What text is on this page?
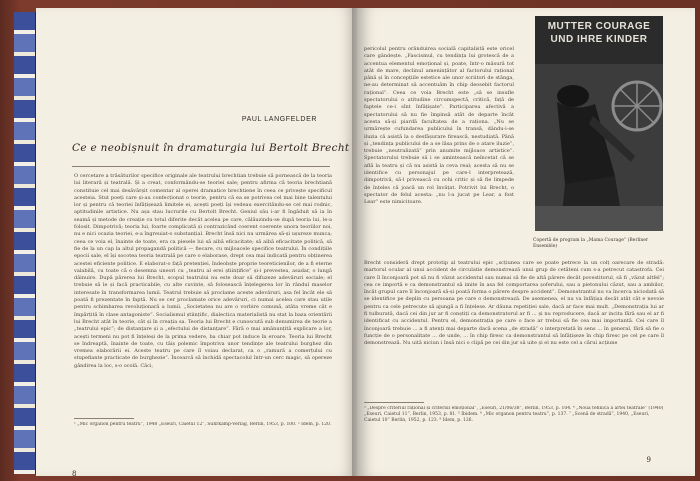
PAUL LANGFELDER
Ce e neobișnuit în dramaturgia lui Bertolt Brecht
O cercetare a trăsăturilor specifice originale ale teatrului brechtian trebuie să pornească de la teoria lui literară și teatrală. Și a creat, conformându-se teoriei sale; pentru afirma că teoria brechtiană constituie cel mai desăvârșit comentar al operei dramatice brechtiene în ceea ce privește specificul acesteia. Stut poeți care și-au confecționat o teorie, pentru că ea se potrivea cel mai bine talentului lor și pentru că teoriei înfățișează limitele ei, acești poeți își vedeau exercitându-se cel mai rodnic, aptitudinile artistice. Nu așa stau lucrurile cu Bertolt Brecht. Geniul său i-ar fi îngăduit să ia în seamă și metode de creație cu totul diferite decât acelea pe care, călăuzindu-se după teoria lui, le-a folosit. Dimpotrivă; teoria lui, foarte complicată și contrazicând coerent coerente unora teoriilor noi, nu e nici ocazia teoriei, e-a îngreuiat-o substanțial. Brecht însă nici nu urmărea să-și ușureze munca; ceea ce voia el, înainte de toate, era ca piesele lui să aibă eficacitate; să aibă eficacitate politică, să fie de la un cap la altul propagandă politică — fiecare, cu mijloacele specifice teatrului. În condițiile epocii sale, el își socotea teoria teatrală pe care o elaborase, drept cea mai indicată pentru obținerea acestei eficiente politice. E elaborat-o față pretenției, îndeobște proprie teoreticienilor, de a fi eterne valabilă, cu toate că o desemna uneori cu „teatru al erei științifice” și-i prevestea, asadar, o lungă dăinuire. După părerea lui Brecht, scopul teatrului nu este doar să difuzeze adevăruri sociale; el trebuie să le și facă practicabile, cu alte cuvinte, să folosească înțelegerea lor în rândul maselor interesate în transformarea lumii. Teatrul trebuie să proclame aceste adevăruri, asa fel încât ele să poată fi prezentate în faptă. Nu se cer proclamate orice adevăruri, ci numai acelea care stau utile pentru schimbarea revoluționară a lumii. „Societatea nu are o vorbire comună, atâta vreme cât e împărțită în clase antagoniste”. Socialismul științific, dialectica materialistă nu stat la baza orientării lui Brecht atât în teorie, cât și în creația sa. Teoria lui Brecht e cunoscută sub denumirea de teorie a „teatrului epic”; de distanțare și a „efectului de distanțare”. Fără o mai amănunțită explicare a lor, acești termeni nu pot fi înțeleși de la prima vedere, ba chiar pot induce în eroare. Teoria lui Brecht se îndreaptă, înainte de toate, cu tăiș polemic împotriva unor tendințe ale teatrului burghez din vremea elaborării ei. Aceste teatru pe care îl voiau declarat, ca o „ramură a comerțului cu stupefiante practicate de burghezie”. Încearcă să închidă spectacolul într-un cerc magic, să opereze gândirea la loc, s-o ocolă. Căci,
¹ „Mic organon pentru teatru”, 1948 „Eseuri, Caietul 12”, Suhrkamp-Verlag, Berlin, 1953, p. 100. ² Idem, p. 120.
8
pericolul pentru orânduirea socială capitalistă este oricel care gândește. „Fascismul, cu tendința lui grotescă de a accentua elementul emoțional și, poate, într-o măsură tot atât de mare, declinul amenințător al factorului rațional până și în concepțiile estetice ale unor scriitori de stânga, ne-au determinat să accentuăm în chip deosebit factorul rațional”. Ceea ce voia Brecht este „să se insufle spectatorului o atitudine circumspectă, critică, față de faptele ce-i sînt înfățișate”. Participarea afectivă a spectatorului să nu fie împinsă atât de departe încât acesta să-și piardă facultatea de a raționa. „Nu se urmărește cufundarea publicului în transă, dându-i-se iluzia că asistă la o desfășurare firească, nestudiată. Până și „tendința publicului de a se lăsa prins de o atare iluzie”, trebuie „neutralizată” prin anumite mijloace artistice”. Spectatorului trebuie să i se amintească neîncetat că se află la teatru și că nu asistă la ceva real; acesta să nu se identifice cu personajul pe care-l interpretează, dimpotrivă, să-l privească cu ochi critic și să fie limpede de înțeles că joacă un rol învățat. Potrivit lui Brecht, o spectator de felul acesta: „nu l-a jucat pe Lear, a fost Lear” este nimicitoare.
MUTTER COURAGE UND IHRE KINDER
Copertă de program la „Mama Courage” (Berliner Ensemble)
Brecht consideră drept prototip al teatrului epic „scțiunea care se poate petrece la un colț oarecare de stradă: martorul ocular al unui accident de circulatie demonstrează unui grup de cetăteni cum s-a petrecut catastrofa. Cei care îl înconjoară pot să nu fi văzut accidentul sau numai să fie de altă părere decât povestitorul, să fi „văzut altfel”; cea ce importă e ca demonstrantul să imite în asa fel comportarea șoferului, sau a pietonului căzut, sau a ambilor, încât grupul care îl înconjoară să-și poată forma o părere despre accident”. Demonstrantul nu va încerca niciodată să se identifice pe deplin cu persoana pe care o demonstrează. De asemenea, el nu va înfățișa decât atât cât e nevoie pentru ca cele petrecute să ajungă a fi înțelese. Ar dăuna repetiției sale, dacă ar face mai mult. „Demonstrația lui ar fi tulburată, dacă cei din jur ar fi conștiți ca demonstratorul ar fi ... și nu reproducere, dacă ar incita fără sau el ar fi identificat cu accidentul. Pentru el, demonstrația pe care o face ar trebui să fie cea mai importantă. Cei care îl înconjoară trebuie ... a fi atenți mai departe dacă scena „de stradă” o interpretată în sens ... în general, fără să fie o funcție de o personalitate ... de unde, ... în chip firesc ca demonstrantul să înfățișeze în chip firesc pe cel pe care îl demonstrează. Nu uită niciun i însă nici o clipă pe cei din jur să uite și el nu este cel a cărui acțiune
³ „Despre criteriul rațional și criteriul emoțional”, „Eseuri, 21/06/38”, Berlin, 1953, p. 104. ⁴ „Noua tehnică a artei teatrale” (1940) „Eseuri, Caietul 11”, Berlin, 1953, p. 81. ⁵ Ibidem. ⁶ „Mic organon pentru teatru”, p. 137. ⁷ „Scenă de stradă”, 1940, „Eseuri, Caietul 10” Berlin, 1952, p. 123. ⁸ Idem, p. 126.
9
